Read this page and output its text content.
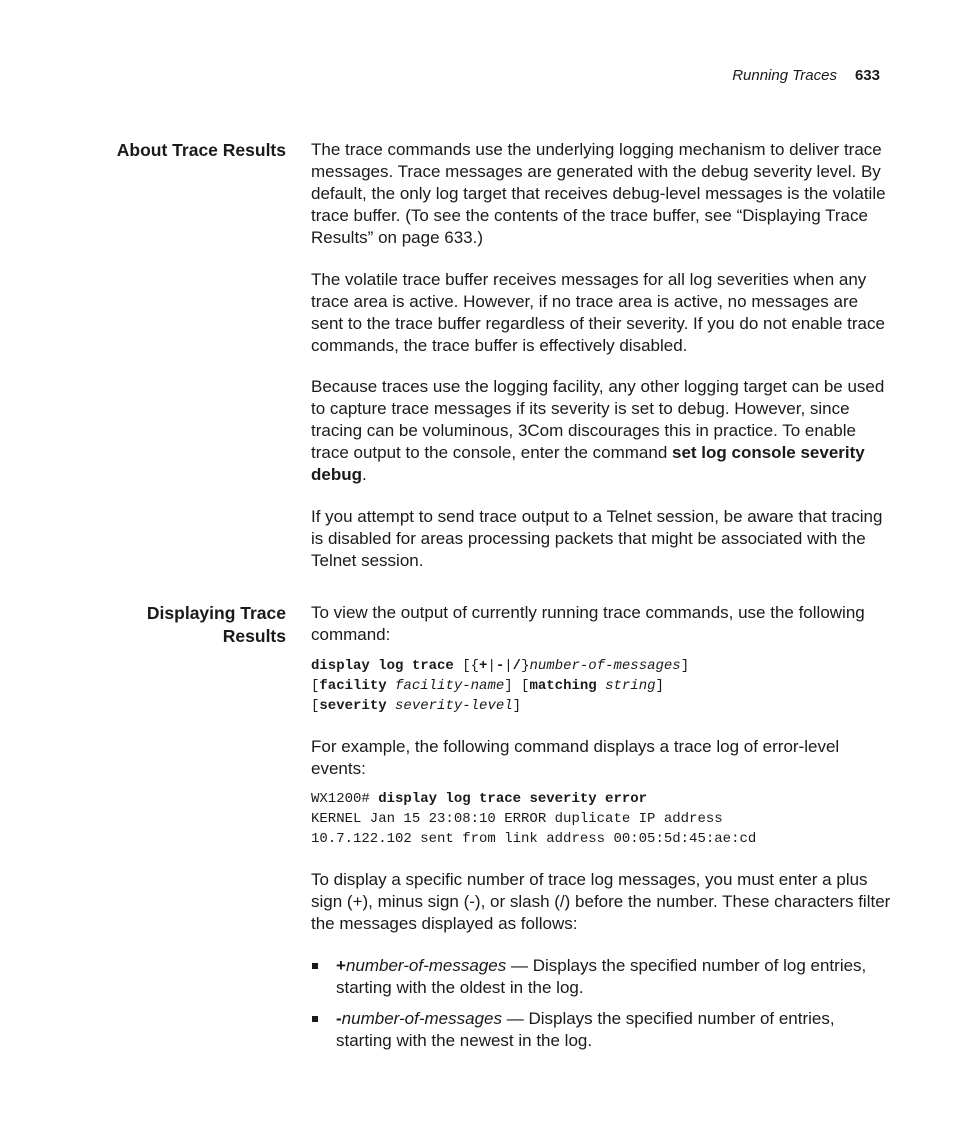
Running Traces 633
About Trace Results The trace commands use the underlying logging mechanism to deliver trace messages. Trace messages are generated with the debug severity level. By default, the only log target that receives debug-level messages is the volatile trace buffer. (To see the contents of the trace buffer, see “Displaying Trace Results” on page 633.)

The volatile trace buffer receives messages for all log severities when any trace area is active. However, if no trace area is active, no messages are sent to the trace buffer regardless of their severity. If you do not enable trace commands, the trace buffer is effectively disabled.

Because traces use the logging facility, any other logging target can be used to capture trace messages if its severity is set to debug. However, since tracing can be voluminous, 3Com discourages this in practice. To enable trace output to the console, enter the command set log console severity debug.

If you attempt to send trace output to a Telnet session, be aware that tracing is disabled for areas processing packets that might be associated with the Telnet session.

Displaying Trace
Results

To view the output of currently running trace commands, use the following command:

display log trace [{+|-|/}number-of-messages]
[facility facility-name] [matching string]
[severity severity-level]

For example, the following command displays a trace log of error-level events:

WX1200# display log trace severity error
KERNEL Jan 15 23:08:10 ERROR duplicate IP address
10.7.122.102 sent from link address 00:05:5d:45:ae:cd

To display a specific number of trace log messages, you must enter a plus sign (+), minus sign (-), or slash (/) before the number. These characters filter the messages displayed as follows:

+number-of-messages — Displays the specified number of log entries, starting with the oldest in the log.
-number-of-messages — Displays the specified number of entries, starting with the newest in the log.
